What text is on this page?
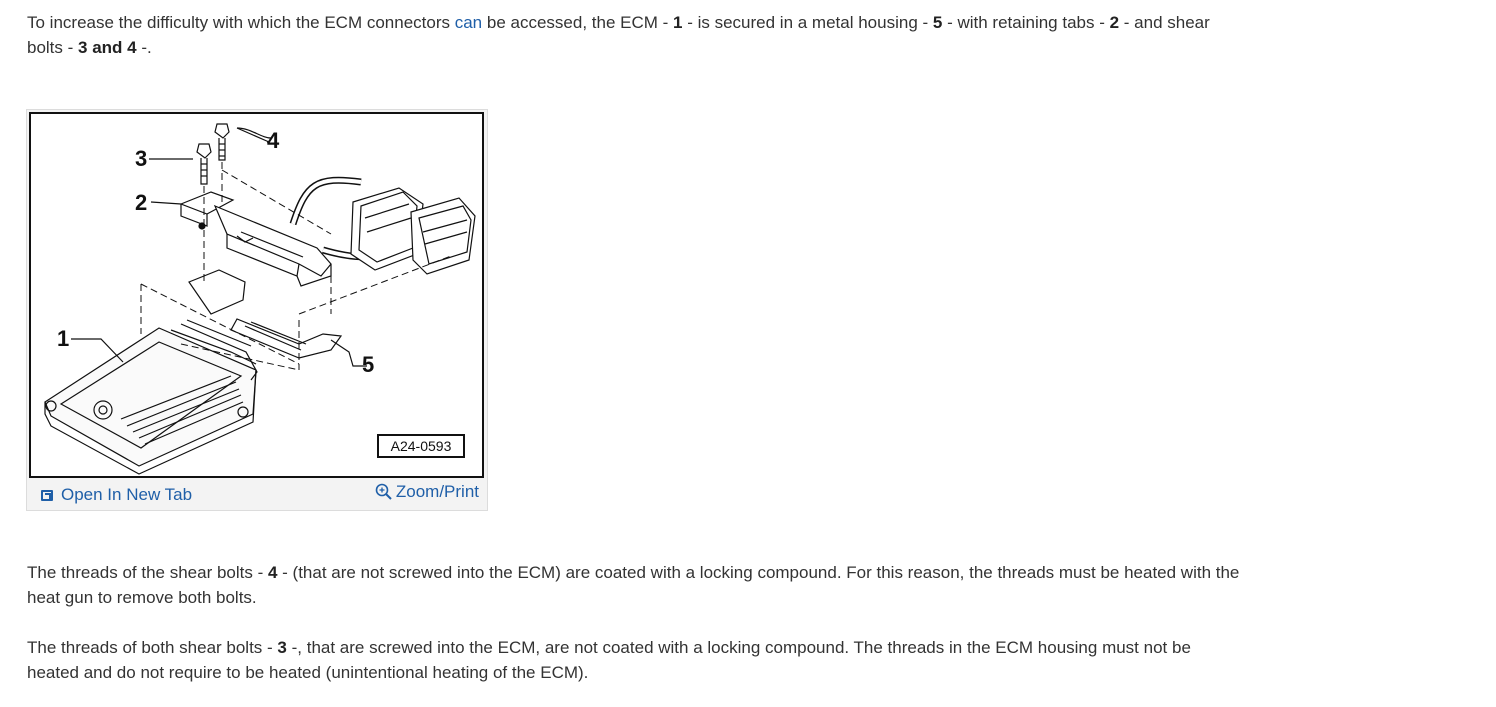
To increase the difficulty with which the ECM connectors can be accessed, the ECM - 1 - is secured in a metal housing - 5 - with retaining tabs - 2 - and shear bolts - 3 and 4 -.

3
2
4
1
5
A24-0593
Open In New Tab	Zoom/Print

The threads of the shear bolts - 4 - (that are not screwed into the ECM) are coated with a locking compound. For this reason, the threads must be heated with the heat gun to remove both bolts.

The threads of both shear bolts - 3 -, that are screwed into the ECM, are not coated with a locking compound. The threads in the ECM housing must not be heated and do not require to be heated (unintentional heating of the ECM).
